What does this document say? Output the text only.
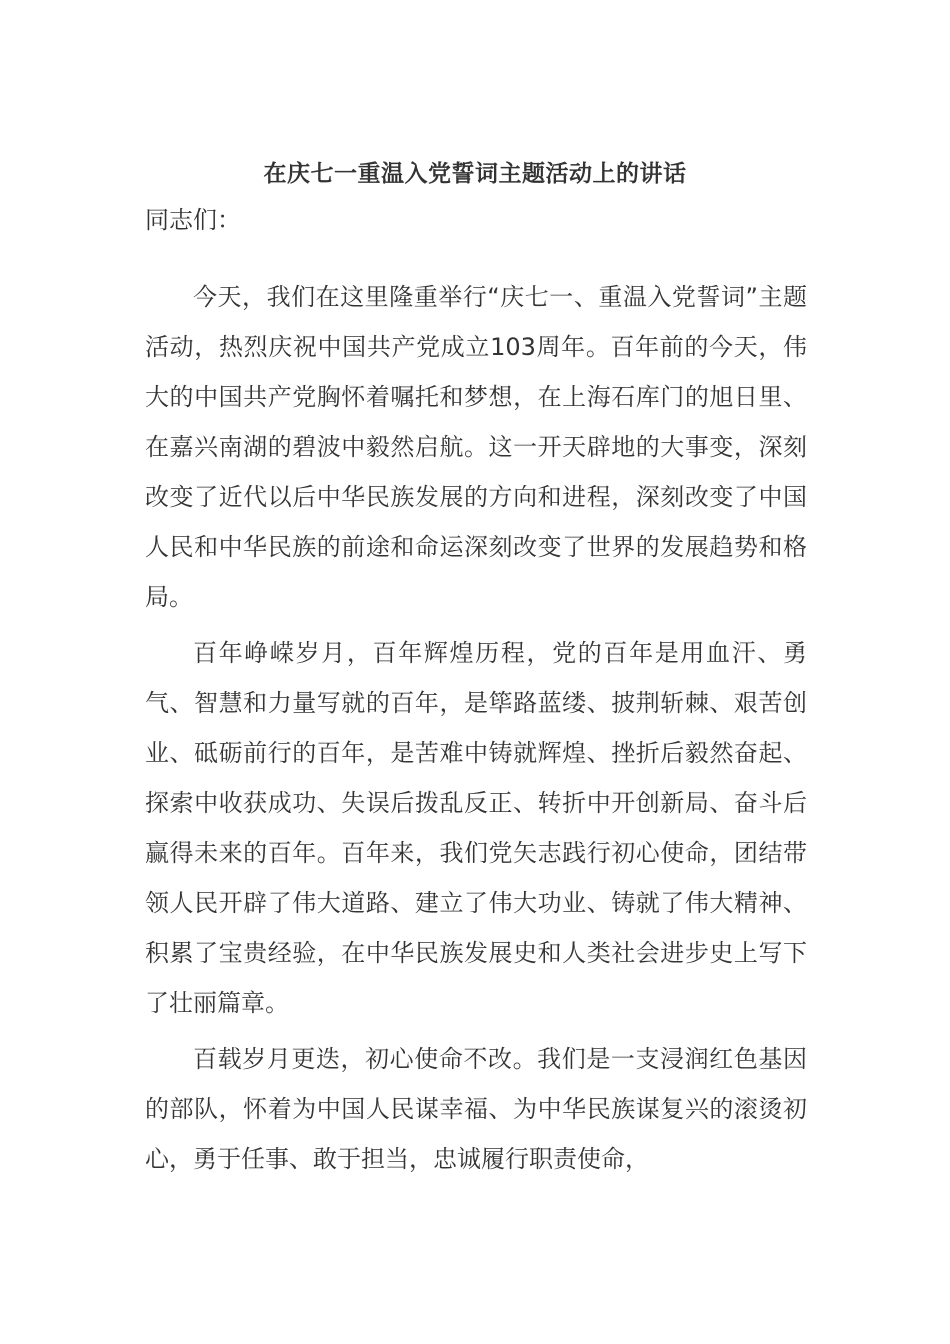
在庆七一重温入党誓词主题活动上的讲话

同志们：

今天，我们在这里隆重举行“庆七一、重温入党誓词”主题活动，热烈庆祝中国共产党成立103周年。百年前的今天，伟大的中国共产党胸怀着嘱托和梦想，在上海石库门的旭日里、在嘉兴南湖的碧波中毅然启航。这一开天辟地的大事变，深刻改变了近代以后中华民族发展的方向和进程，深刻改变了中国人民和中华民族的前途和命运深刻改变了世界的发展趋势和格局。

百年峥嵘岁月，百年辉煌历程，党的百年是用血汗、勇气、智慧和力量写就的百年，是筚路蓝缕、披荆斩棘、艰苦创业、砥砺前行的百年，是苦难中铸就辉煌、挫折后毅然奋起、探索中收获成功、失误后拨乱反正、转折中开创新局、奋斗后赢得未来的百年。百年来，我们党矢志践行初心使命，团结带领人民开辟了伟大道路、建立了伟大功业、铸就了伟大精神、积累了宝贵经验，在中华民族发展史和人类社会进步史上写下了壮丽篇章。

百载岁月更迭，初心使命不改。我们是一支浸润红色基因的部队，怀着为中国人民谋幸福、为中华民族谋复兴的滚烫初心，勇于任事、敢于担当，忠诚履行职责使命，
